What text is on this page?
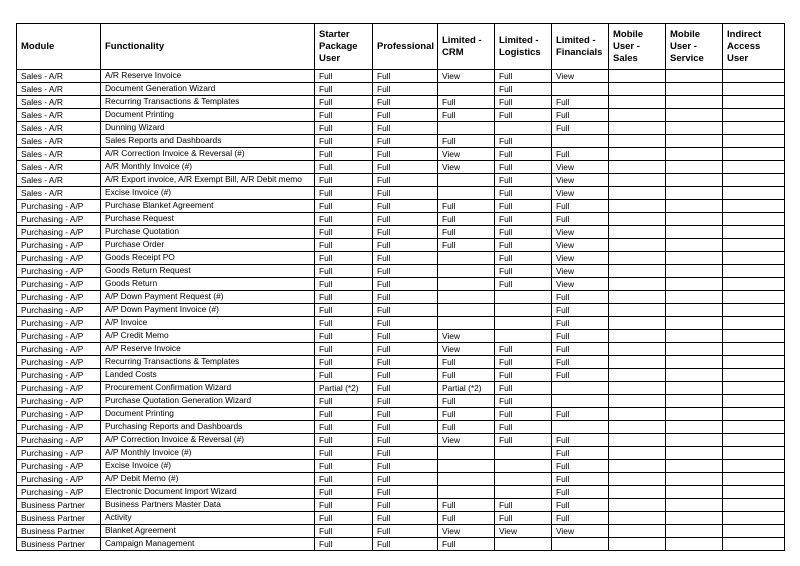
Module	Functionality	Starter Package User	Professional	Limited - CRM	Limited - Logistics	Limited - Financials	Mobile User - Sales	Mobile User - Service	Indirect Access User
Sales - A/R	A/R Reserve Invoice	Full	Full	View	Full	View			
Sales - A/R	Document Generation Wizard	Full	Full		Full				
Sales - A/R	Recurring Transactions & Templates	Full	Full	Full	Full	Full			
Sales - A/R	Document Printing	Full	Full	Full	Full	Full			
Sales - A/R	Dunning Wizard	Full	Full			Full			
Sales - A/R	Sales Reports and Dashboards	Full	Full	Full	Full				
Sales - A/R	A/R Correction Invoice & Reversal (#)	Full	Full	View	Full	Full			
Sales - A/R	A/R Monthly Invoice (#)	Full	Full	View	Full	View			
Sales - A/R	A/R Export invoice, A/R Exempt Bill, A/R Debit memo	Full	Full		Full	View			
Sales - A/R	Excise Invoice (#)	Full	Full		Full	View			
Purchasing - A/P	Purchase Blanket Agreement	Full	Full	Full	Full	Full			
Purchasing - A/P	Purchase Request	Full	Full	Full	Full	Full			
Purchasing - A/P	Purchase Quotation	Full	Full	Full	Full	View			
Purchasing - A/P	Purchase Order	Full	Full	Full	Full	View			
Purchasing - A/P	Goods Receipt PO	Full	Full		Full	View			
Purchasing - A/P	Goods Return Request	Full	Full		Full	View			
Purchasing - A/P	Goods Return	Full	Full		Full	View			
Purchasing - A/P	A/P Down Payment Request (#)	Full	Full			Full			
Purchasing - A/P	A/P Down Payment Invoice (#)	Full	Full			Full			
Purchasing - A/P	A/P Invoice	Full	Full			Full			
Purchasing - A/P	A/P Credit Memo	Full	Full	View		Full			
Purchasing - A/P	A/P Reserve Invoice	Full	Full	View	Full	Full			
Purchasing - A/P	Recurring Transactions & Templates	Full	Full	Full	Full	Full			
Purchasing - A/P	Landed Costs	Full	Full	Full	Full	Full			
Purchasing - A/P	Procurement Confirmation Wizard	Partial (*2)	Full	Partial (*2)	Full				
Purchasing - A/P	Purchase Quotation Generation Wizard	Full	Full	Full	Full				
Purchasing - A/P	Document Printing	Full	Full	Full	Full	Full			
Purchasing - A/P	Purchasing Reports and Dashboards	Full	Full	Full	Full				
Purchasing - A/P	A/P Correction Invoice & Reversal (#)	Full	Full	View	Full	Full			
Purchasing - A/P	A/P Monthly Invoice (#)	Full	Full			Full			
Purchasing - A/P	Excise Invoice (#)	Full	Full			Full			
Purchasing - A/P	A/P Debit Memo (#)	Full	Full			Full			
Purchasing - A/P	Electronic Document Import Wizard	Full	Full			Full			
Business Partner	Business Partners Master Data	Full	Full	Full	Full	Full			
Business Partner	Activity	Full	Full	Full	Full	Full			
Business Partner	Blanket Agreement	Full	Full	View	View	View			
Business Partner	Campaign Management	Full	Full	Full					
